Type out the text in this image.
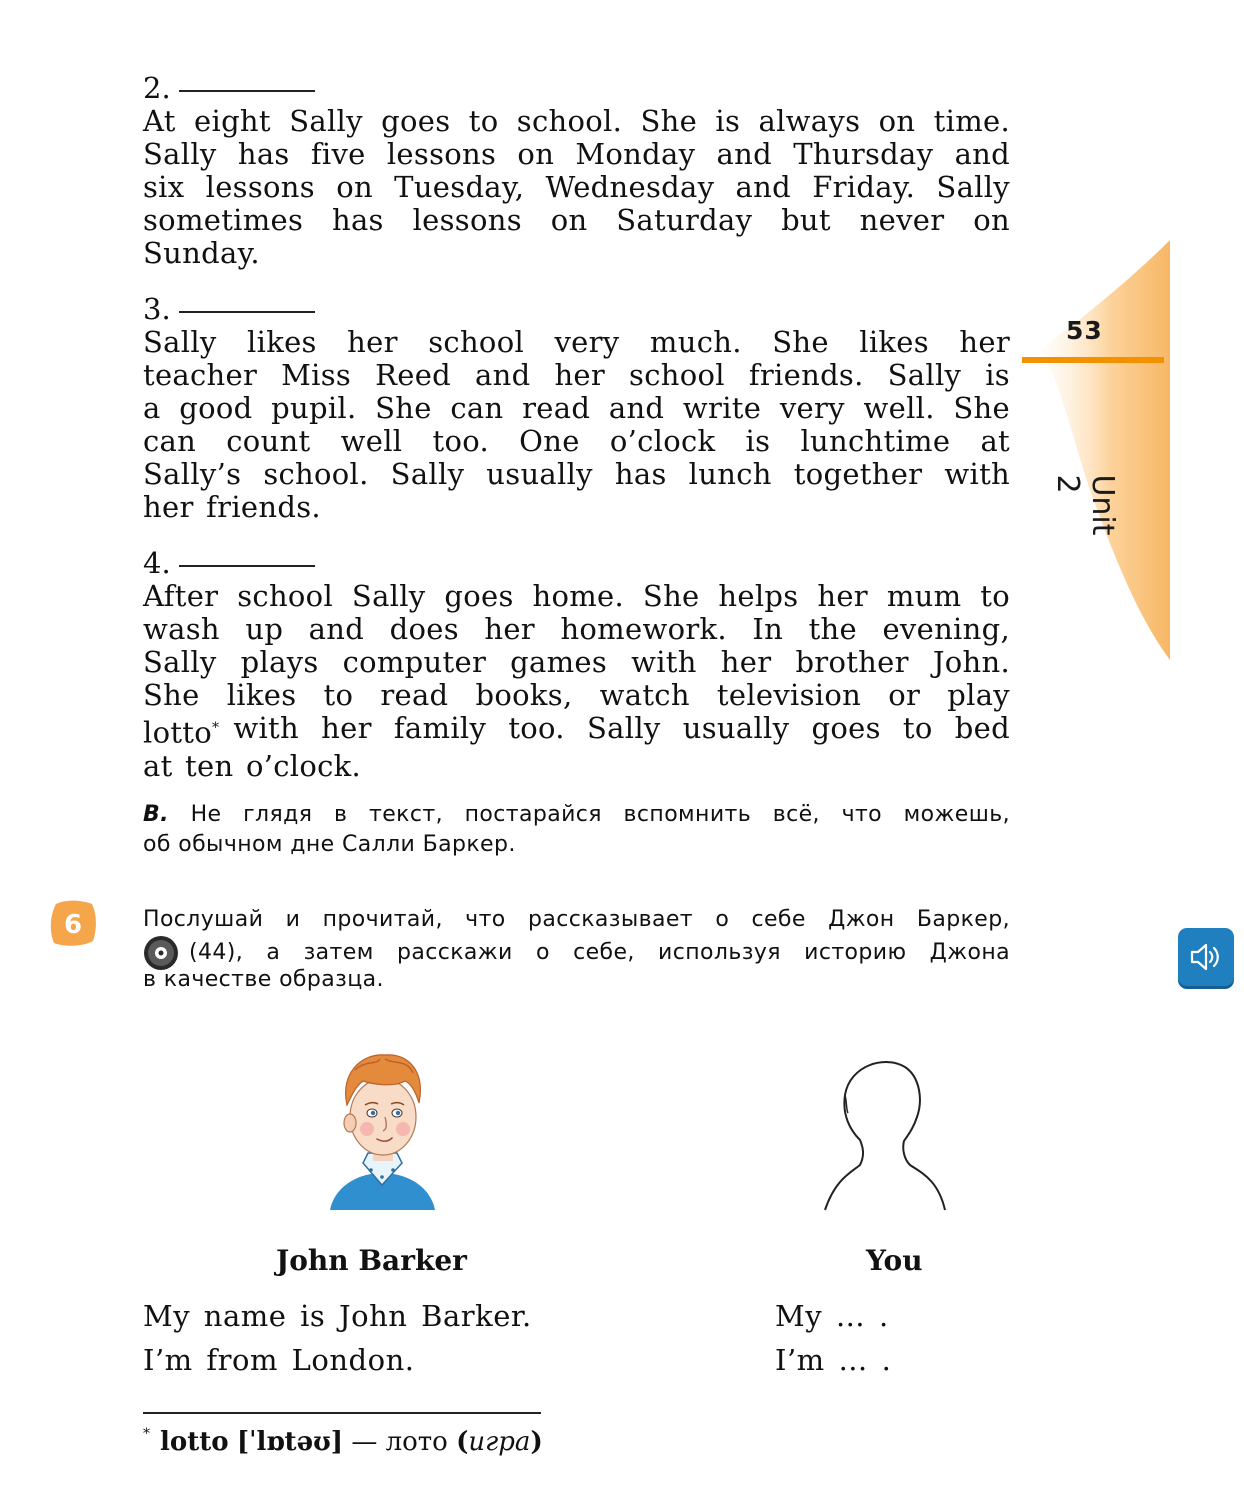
53
Unit 2
2.
At eight Sally goes to school. She is always on time.
Sally has five lessons on Monday and Thursday and
six lessons on Tuesday, Wednesday and Friday. Sally
sometimes has lessons on Saturday but never on
Sunday.
3.
Sally likes her school very much. She likes her
teacher Miss Reed and her school friends. Sally is
a good pupil. She can read and write very well. She
can count well too. One o’clock is lunchtime at
Sally’s school. Sally usually has lunch together with
her friends.
4.
After school Sally goes home. She helps her mum to
wash up and does her homework. In the evening,
Sally plays computer games with her brother John.
She likes to read books, watch television or play
lotto* with her family too. Sally usually goes to bed
at ten o’clock.
B. Не глядя в текст, постарайся вспомнить всё, что можешь,
об обычном дне Салли Баркер.
6	Послушай и прочитай, что рассказывает о себе Джон Баркер,
(44), а затем расскажи о себе, используя историю Джона
в качестве образца.
John Barker	You
My name is John Barker.
I’m from London.
My … .
I’m … .
* lotto [ˈlɒtəʊ] — лото (игра)
